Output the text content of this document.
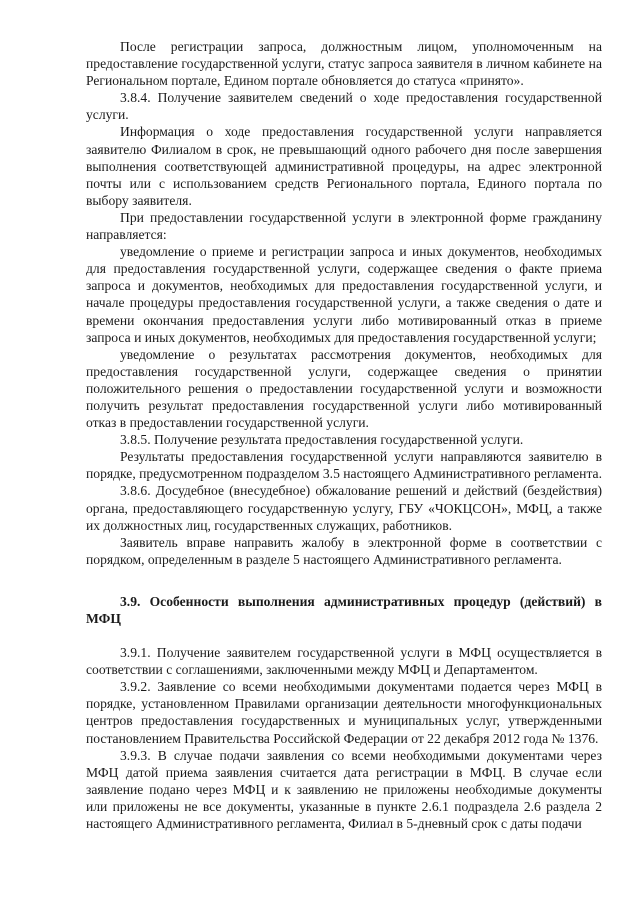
После регистрации запроса, должностным лицом, уполномоченным на предоставление государственной услуги, статус запроса заявителя в личном кабинете на Региональном портале, Едином портале обновляется до статуса «принято».

3.8.4. Получение заявителем сведений о ходе предоставления государственной услуги.

Информация о ходе предоставления государственной услуги направляется заявителю Филиалом в срок, не превышающий одного рабочего дня после завершения выполнения соответствующей административной процедуры, на адрес электронной почты или с использованием средств Регионального портала, Единого портала по выбору заявителя.

При предоставлении государственной услуги в электронной форме гражданину направляется:

уведомление о приеме и регистрации запроса и иных документов, необходимых для предоставления государственной услуги, содержащее сведения о факте приема запроса и документов, необходимых для предоставления государственной услуги, и начале процедуры предоставления государственной услуги, а также сведения о дате и времени окончания предоставления услуги либо мотивированный отказ в приеме запроса и иных документов, необходимых для предоставления государственной услуги;

уведомление о результатах рассмотрения документов, необходимых для предоставления государственной услуги, содержащее сведения о принятии положительного решения о предоставлении государственной услуги и возможности получить результат предоставления государственной услуги либо мотивированный отказ в предоставлении государственной услуги.

3.8.5. Получение результата предоставления государственной услуги.

Результаты предоставления государственной услуги направляются заявителю в порядке, предусмотренном подразделом 3.5 настоящего Административного регламента.

3.8.6. Досудебное (внесудебное) обжалование решений и действий (бездействия) органа, предоставляющего государственную услугу, ГБУ «ЧОКЦСОН», МФЦ, а также их должностных лиц, государственных служащих, работников.

Заявитель вправе направить жалобу в электронной форме в соответствии с порядком, определенным в разделе 5 настоящего Административного регламента.

3.9. Особенности выполнения административных процедур (действий) в МФЦ

3.9.1. Получение заявителем государственной услуги в МФЦ осуществляется в соответствии с соглашениями, заключенными между МФЦ и Департаментом.

3.9.2. Заявление со всеми необходимыми документами подается через МФЦ в порядке, установленном Правилами организации деятельности многофункциональных центров предоставления государственных и муниципальных услуг, утвержденными постановлением Правительства Российской Федерации от 22 декабря 2012 года № 1376.

3.9.3. В случае подачи заявления со всеми необходимыми документами через МФЦ датой приема заявления считается дата регистрации в МФЦ. В случае если заявление подано через МФЦ и к заявлению не приложены необходимые документы или приложены не все документы, указанные в пункте 2.6.1 подраздела 2.6 раздела 2 настоящего Административного регламента, Филиал в 5-дневный срок с даты подачи
